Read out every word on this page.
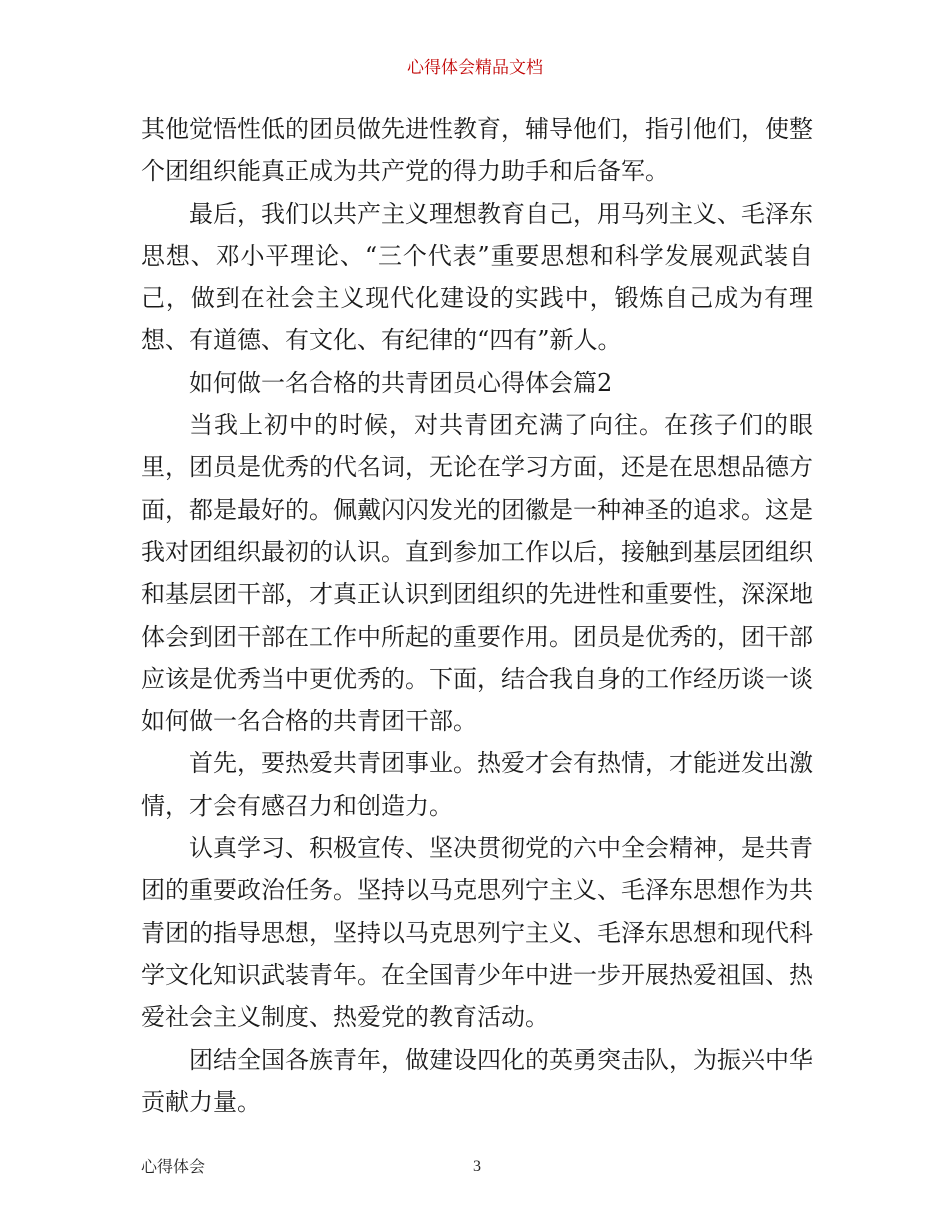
心得体会精品文档

其他觉悟性低的团员做先进性教育，辅导他们，指引他们，使整个团组织能真正成为共产党的得力助手和后备军。

最后，我们以共产主义理想教育自己，用马列主义、毛泽东思想、邓小平理论、“三个代表”重要思想和科学发展观武装自己，做到在社会主义现代化建设的实践中，锻炼自己成为有理想、有道德、有文化、有纪律的“四有”新人。

如何做一名合格的共青团员心得体会篇2

当我上初中的时候，对共青团充满了向往。在孩子们的眼里，团员是优秀的代名词，无论在学习方面，还是在思想品德方面，都是最好的。佩戴闪闪发光的团徽是一种神圣的追求。这是我对团组织最初的认识。直到参加工作以后，接触到基层团组织和基层团干部，才真正认识到团组织的先进性和重要性，深深地体会到团干部在工作中所起的重要作用。团员是优秀的，团干部应该是优秀当中更优秀的。下面，结合我自身的工作经历谈一谈如何做一名合格的共青团干部。

首先，要热爱共青团事业。热爱才会有热情，才能迸发出激情，才会有感召力和创造力。

认真学习、积极宣传、坚决贯彻党的六中全会精神，是共青团的重要政治任务。坚持以马克思列宁主义、毛泽东思想作为共青团的指导思想，坚持以马克思列宁主义、毛泽东思想和现代科学文化知识武装青年。在全国青少年中进一步开展热爱祖国、热爱社会主义制度、热爱党的教育活动。

团结全国各族青年，做建设四化的英勇突击队，为振兴中华贡献力量。

心得体会	3
